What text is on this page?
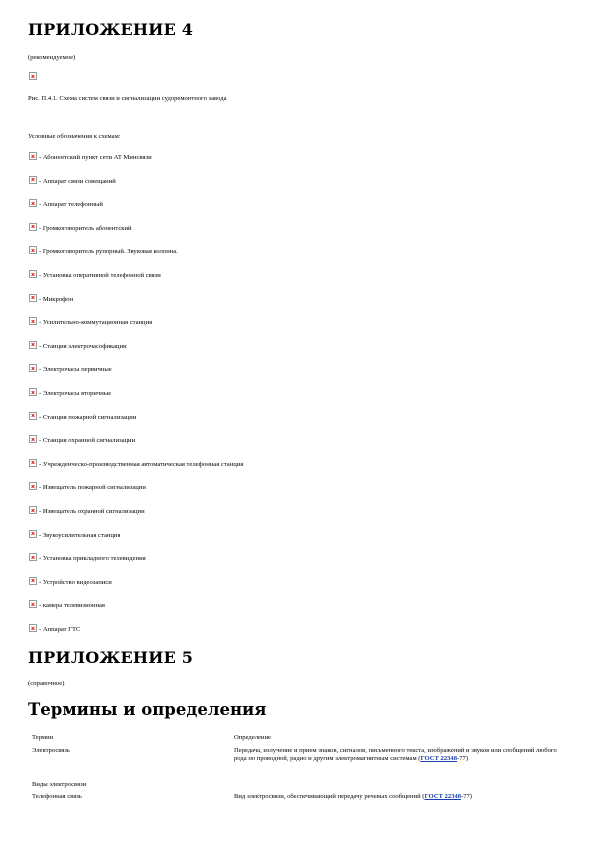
ПРИЛОЖЕНИЕ 4
(рекомендуемое)
Рис. П.4.1. Схема систем связи и сигнализации судоремонтного завода
Условные обозначения к схемам:
- Абонентский пункт сети АТ Минсвязи
- Аппарат связи совещаний
- Аппарат телефонный
- Громкоговоритель абонентский
- Громкоговоритель рупорный. Звуковая колонна.
- Установка оперативной телефонной связи
- Микрофон
- Усилительно-коммутационная станция
- Станция электрочасофикации
- Электрочасы первичные
- Электрочасы вторичные
- Станция пожарной сигнализации
- Станция охранной сигнализации
- Учрежденческо-производственная автоматическая телефонная станция
- Извещатель пожарной сигнализации
- Извещатель охранной сигнализации
- Звукоусилительная станция
- Установка прикладного телевидения
- Устройство видеозаписи
- камера телевизионная
- Аппарат ГТС
ПРИЛОЖЕНИЕ 5
(справочное)
Термины и определения
Термин	Определение
Электросвязь	Передача, излучение и прием знаков, сигналов, письменного текста, изображений и звуков или сообщений любого рода по проводной, радио и другим электромагнитным системам (ГОСТ 22348-77)
Виды электросвязи
Телефонная связь	Вид электросвязи, обеспечивающий передачу речевых сообщений (ГОСТ 22348-77)
